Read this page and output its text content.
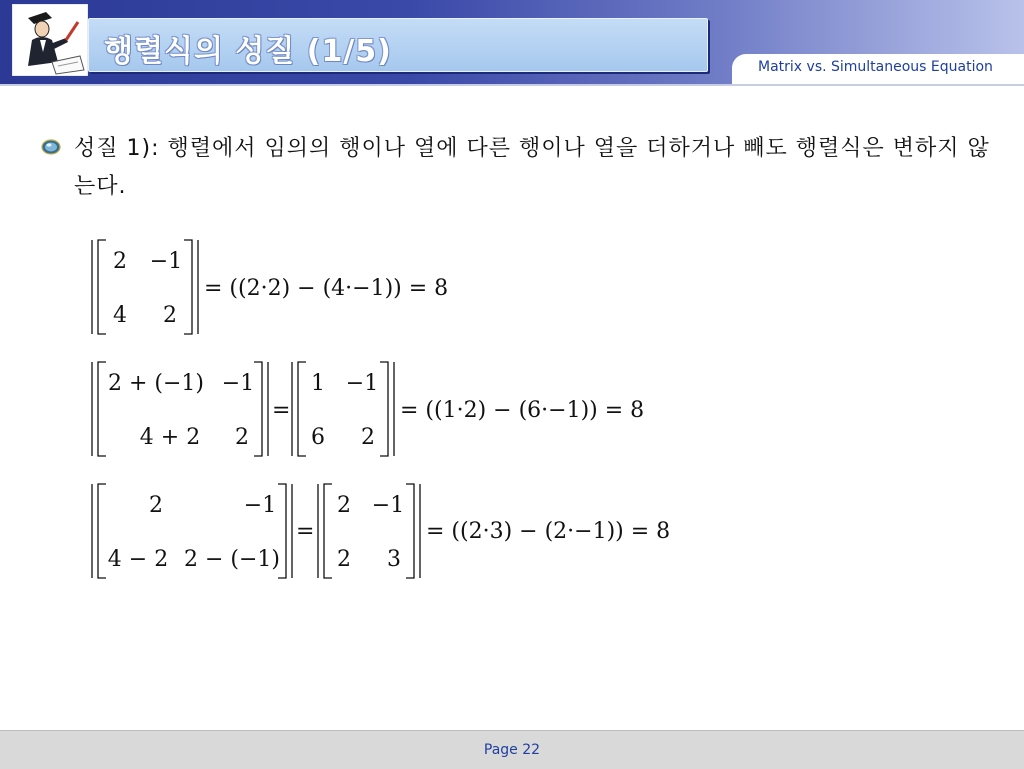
행렬식의 성질 (1/5)	Matrix vs. Simultaneous Equation
성질 1): 행렬에서 임의의 행이나 열에 다른 행이나 열을 더하거나 빼도 행렬식은 변하지 않는다.
2 −1
4 2
= ((2·2) − (4·−1)) = 8
2 + (−1) −1
4 + 2 2
=
1 −1
6 2
= ((1·2) − (6·−1)) = 8
2	−1
4 − 2 2 − (−1)
=
2 −1
2 3
= ((2·3) − (2·−1)) = 8
Page 22
